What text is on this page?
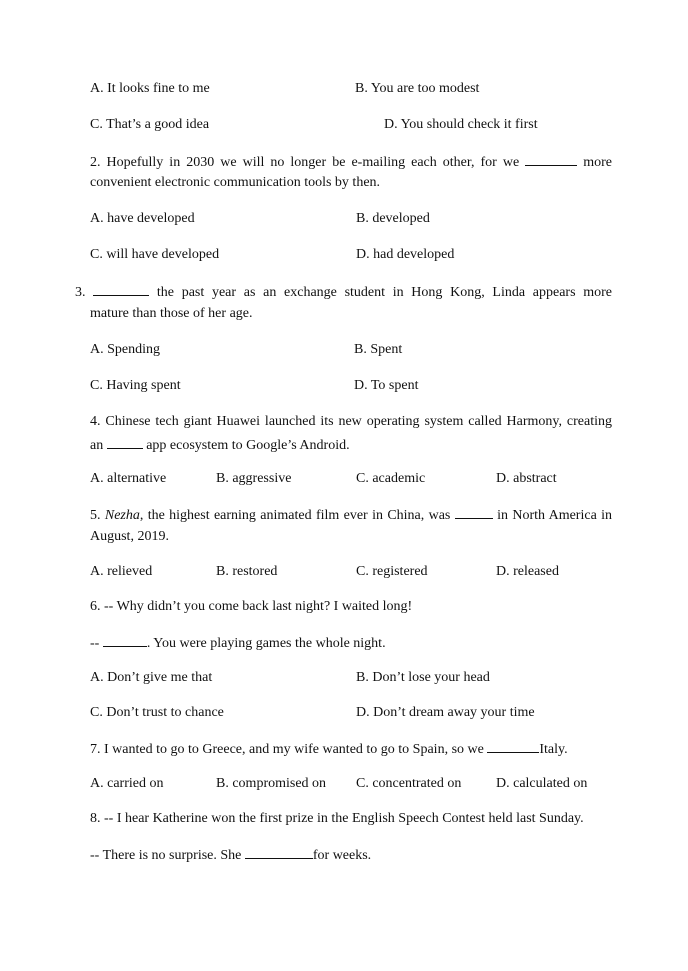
A. It looks fine to me	B. You are too modest
C. That’s a good idea	D. You should check it first
2. Hopefully in 2030 we will no longer be e-mailing each other, for we	more
convenient electronic communication tools by then.
A. have developed	B. developed
C. will have developed	D. had developed
3.	the past year as an exchange student in Hong Kong, Linda appears more
mature than those of her age.
A. Spending	B. Spent
C. Having spent	D. To spent
4. Chinese tech giant Huawei launched its new operating system called Harmony, creating
an	app ecosystem to Google’s Android.
A. alternative	B. aggressive	C. academic	D. abstract
5. Nezha, the highest earning animated film ever in China, was	in North America in
August, 2019.
A. relieved	B. restored	C. registered	D. released
6. -- Why didn’t you come back last night? I waited long!
--	. You were playing games the whole night.
A. Don’t give me that	B. Don’t lose your head
C. Don’t trust to chance	D. Don’t dream away your time
7. I wanted to go to Greece, and my wife wanted to go to Spain, so we	Italy.
A. carried on	B. compromised on C. concentrated on D. calculated on
8. -- I hear Katherine won the first prize in the English Speech Contest held last Sunday.
-- There is no surprise. She	for weeks.
